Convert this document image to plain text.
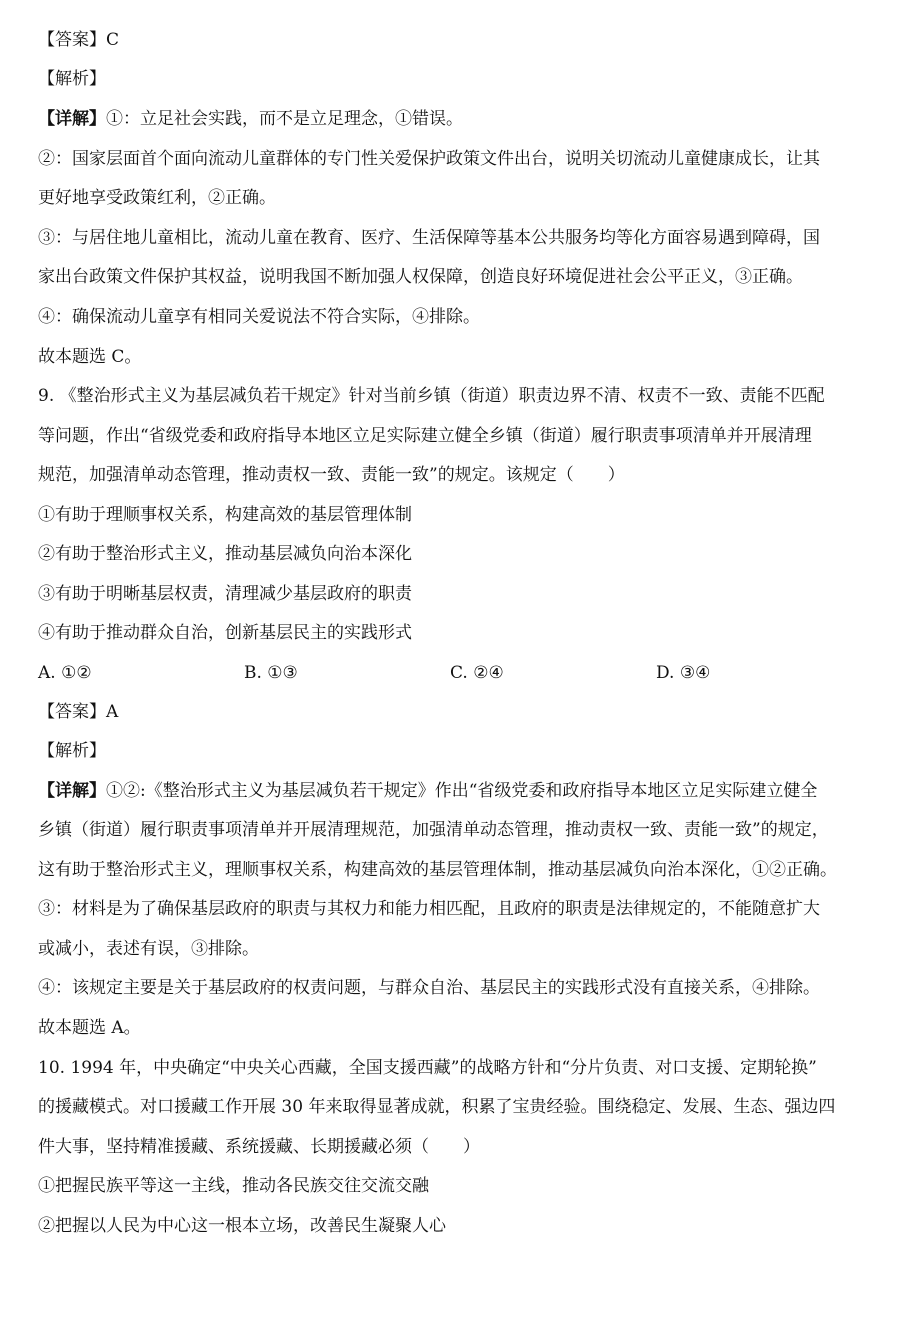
【答案】C
【解析】
【详解】①：立足社会实践，而不是立足理念，①错误。
②：国家层面首个面向流动儿童群体的专门性关爱保护政策文件出台，说明关切流动儿童健康成长，让其
更好地享受政策红利，②正确。
③：与居住地儿童相比，流动儿童在教育、医疗、生活保障等基本公共服务均等化方面容易遇到障碍，国
家出台政策文件保护其权益，说明我国不断加强人权保障，创造良好环境促进社会公平正义，③正确。
④：确保流动儿童享有相同关爱说法不符合实际，④排除。
故本题选 C。
9. 《整治形式主义为基层减负若干规定》针对当前乡镇（街道）职责边界不清、权责不一致、责能不匹配
等问题，作出“省级党委和政府指导本地区立足实际建立健全乡镇（街道）履行职责事项清单并开展清理
规范，加强清单动态管理，推动责权一致、责能一致”的规定。该规定（　　）
①有助于理顺事权关系，构建高效的基层管理体制
②有助于整治形式主义，推动基层减负向治本深化
③有助于明晰基层权责，清理减少基层政府的职责
④有助于推动群众自治，创新基层民主的实践形式
A. ①②	B. ①③	C. ②④	D. ③④
【答案】A
【解析】
【详解】①②:《整治形式主义为基层减负若干规定》作出“省级党委和政府指导本地区立足实际建立健全
乡镇（街道）履行职责事项清单并开展清理规范，加强清单动态管理，推动责权一致、责能一致”的规定，
这有助于整治形式主义，理顺事权关系，构建高效的基层管理体制，推动基层减负向治本深化，①②正确。
③：材料是为了确保基层政府的职责与其权力和能力相匹配，且政府的职责是法律规定的，不能随意扩大
或减小，表述有误，③排除。
④：该规定主要是关于基层政府的权责问题，与群众自治、基层民主的实践形式没有直接关系，④排除。
故本题选 A。
10. 1994 年，中央确定“中央关心西藏，全国支援西藏”的战略方针和“分片负责、对口支援、定期轮换”
的援藏模式。对口援藏工作开展 30 年来取得显著成就，积累了宝贵经验。围绕稳定、发展、生态、强边四
件大事，坚持精准援藏、系统援藏、长期援藏必须（　　）
①把握民族平等这一主线，推动各民族交往交流交融
②把握以人民为中心这一根本立场，改善民生凝聚人心
